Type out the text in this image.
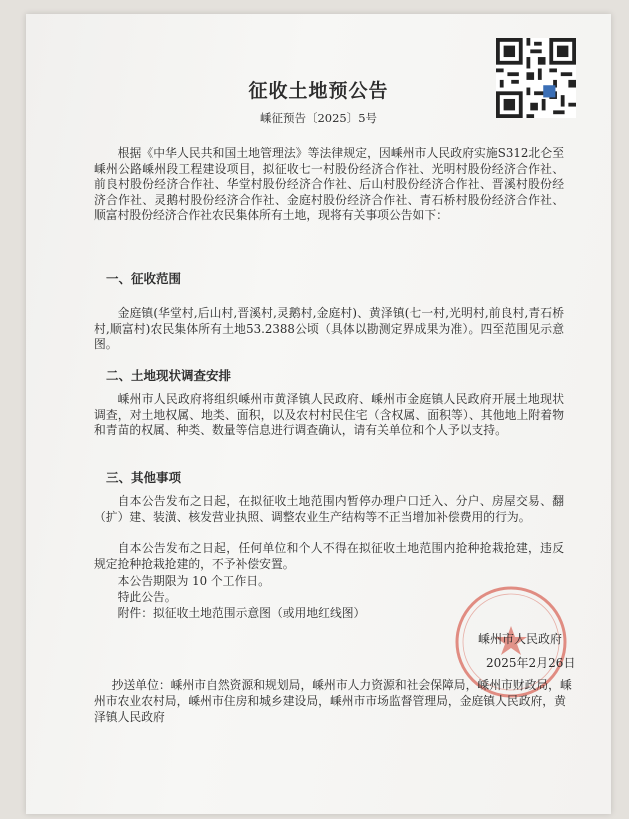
征收土地预公告
嵊征预告〔2025〕5号
根据《中华人民共和国土地管理法》等法律规定，因嵊州市人民政府实施S312北仑至嵊州公路嵊州段工程建设项目，拟征收七一村股份经济合作社、光明村股份经济合作社、前良村股份经济合作社、华堂村股份经济合作社、后山村股份经济合作社、晋溪村股份经济合作社、灵鹅村股份经济合作社、金庭村股份经济合作社、青石桥村股份经济合作社、顺富村股份经济合作社农民集体所有土地，现将有关事项公告如下：
一、征收范围
金庭镇(华堂村,后山村,晋溪村,灵鹅村,金庭村)、黄泽镇(七一村,光明村,前良村,青石桥村,顺富村)农民集体所有土地53.2388公顷（具体以勘测定界成果为准）。四至范围见示意图。
二、土地现状调查安排
嵊州市人民政府将组织嵊州市黄泽镇人民政府、嵊州市金庭镇人民政府开展土地现状调查，对土地权属、地类、面积，以及农村村民住宅（含权属、面积等）、其他地上附着物和青苗的权属、种类、数量等信息进行调查确认，请有关单位和个人予以支持。
三、其他事项
自本公告发布之日起，在拟征收土地范围内暂停办理户口迁入、分户、房屋交易、翻（扩）建、装潢、核发营业执照、调整农业生产结构等不正当增加补偿费用的行为。
自本公告发布之日起，任何单位和个人不得在拟征收土地范围内抢种抢栽抢建，违反规定抢种抢栽抢建的，不予补偿安置。
本公告期限为 10 个工作日。
特此公告。
附件：拟征收土地范围示意图（或用地红线图）
嵊州市人民政府
2025年2月26日
抄送单位：嵊州市自然资源和规划局，嵊州市人力资源和社会保障局，嵊州市财政局，嵊州市农业农村局，嵊州市住房和城乡建设局，嵊州市市场监督管理局，金庭镇人民政府，黄泽镇人民政府
